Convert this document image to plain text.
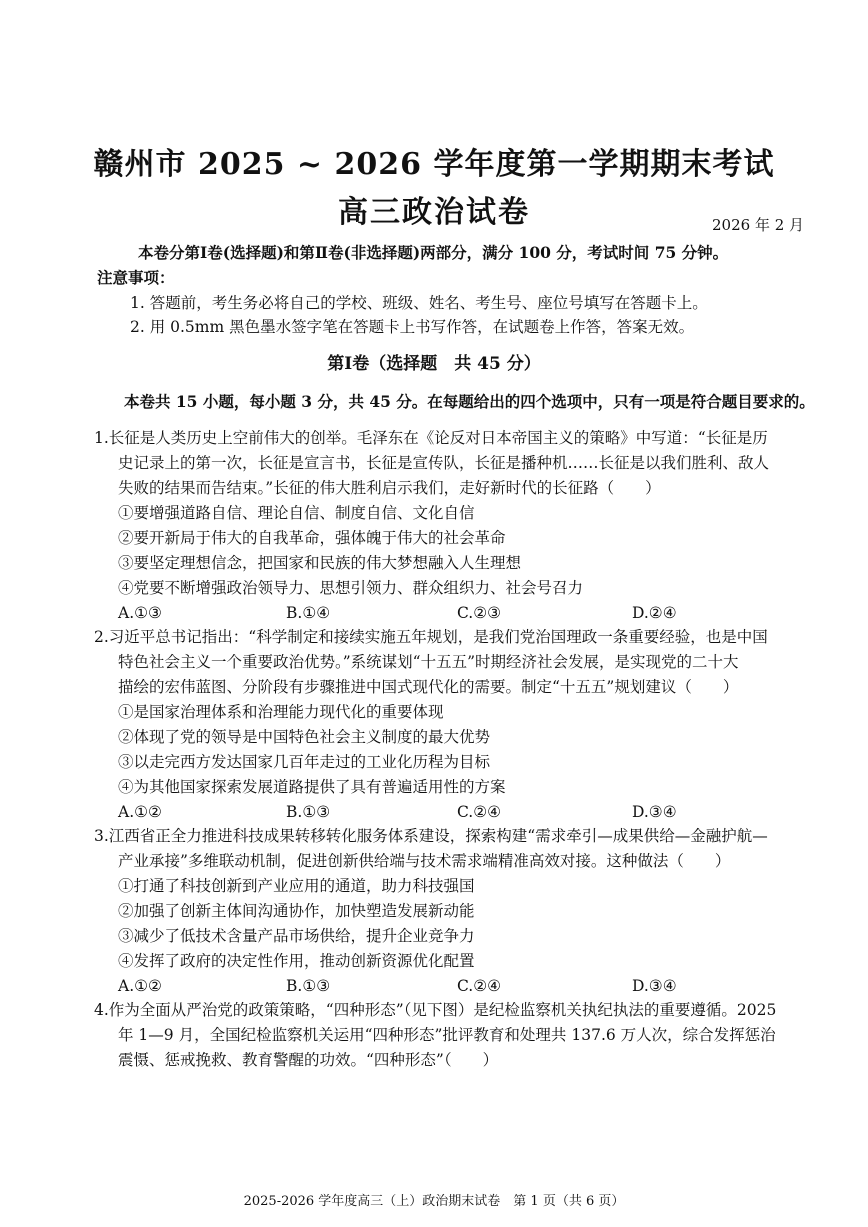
赣州市 2025 ~ 2026 学年度第一学期期末考试
高三政治试卷	2026 年 2 月
本卷分第Ⅰ卷(选择题)和第Ⅱ卷(非选择题)两部分，满分 100 分，考试时间 75 分钟。
注意事项：
1. 答题前，考生务必将自己的学校、班级、姓名、考生号、座位号填写在答题卡上。
2. 用 0.5mm 黑色墨水签字笔在答题卡上书写作答，在试题卷上作答，答案无效。
第Ⅰ卷（选择题　共 45 分）
本卷共 15 小题，每小题 3 分，共 45 分。在每题给出的四个选项中，只有一项是符合题目要求的。
1.长征是人类历史上空前伟大的创举。毛泽东在《论反对日本帝国主义的策略》中写道：“长征是历
史记录上的第一次，长征是宣言书，长征是宣传队，长征是播种机……长征是以我们胜利、敌人
失败的结果而告结束。”长征的伟大胜利启示我们，走好新时代的长征路（　　）
①要增强道路自信、理论自信、制度自信、文化自信
②要开新局于伟大的自我革命，强体魄于伟大的社会革命
③要坚定理想信念，把国家和民族的伟大梦想融入人生理想
④党要不断增强政治领导力、思想引领力、群众组织力、社会号召力
A.①③	B.①④	C.②③	D.②④
2.习近平总书记指出：“科学制定和接续实施五年规划，是我们党治国理政一条重要经验，也是中国
特色社会主义一个重要政治优势。”系统谋划“十五五”时期经济社会发展，是实现党的二十大
描绘的宏伟蓝图、分阶段有步骤推进中国式现代化的需要。制定“十五五”规划建议（　　）
①是国家治理体系和治理能力现代化的重要体现
②体现了党的领导是中国特色社会主义制度的最大优势
③以走完西方发达国家几百年走过的工业化历程为目标
④为其他国家探索发展道路提供了具有普遍适用性的方案
A.①②	B.①③	C.②④	D.③④
3.江西省正全力推进科技成果转移转化服务体系建设，探索构建“需求牵引—成果供给—金融护航—
产业承接”多维联动机制，促进创新供给端与技术需求端精准高效对接。这种做法（　　）
①打通了科技创新到产业应用的通道，助力科技强国
②加强了创新主体间沟通协作，加快塑造发展新动能
③减少了低技术含量产品市场供给，提升企业竞争力
④发挥了政府的决定性作用，推动创新资源优化配置
A.①②	B.①③	C.②④	D.③④
4.作为全面从严治党的政策策略，“四种形态”（见下图）是纪检监察机关执纪执法的重要遵循。2025
年 1—9 月，全国纪检监察机关运用“四种形态”批评教育和处理共 137.6 万人次，综合发挥惩治
震慑、惩戒挽救、教育警醒的功效。“四种形态”（　　）
2025-2026 学年度高三（上）政治期末试卷　第 1 页（共 6 页）
